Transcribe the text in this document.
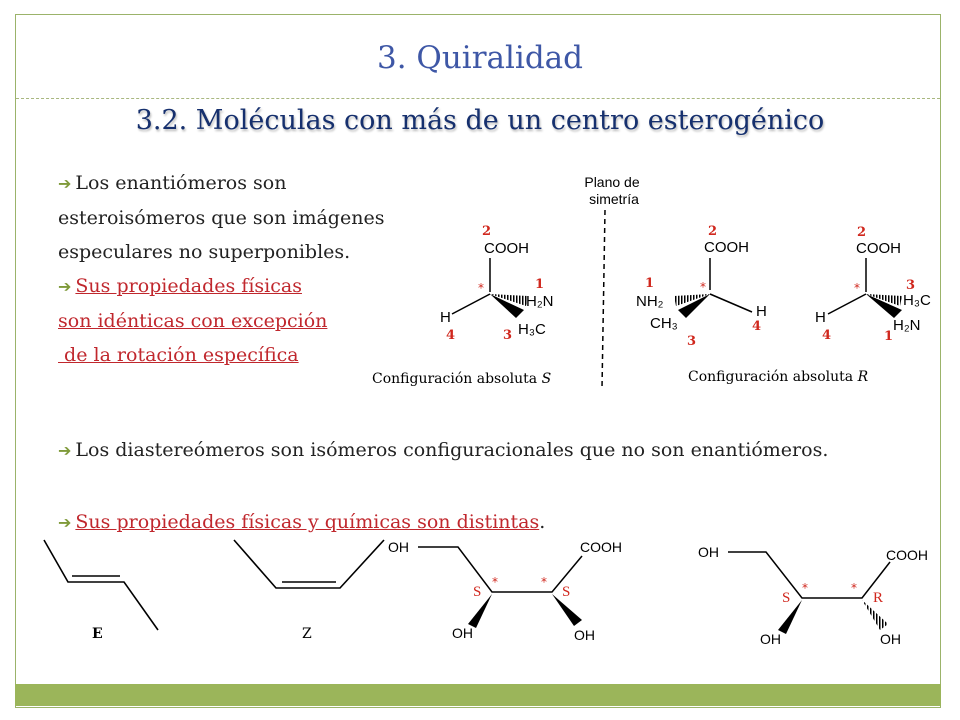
3. Quiralidad
3.2. Moléculas con más de un centro esterogénico
➔ Los enantiómeros son
esteroisómeros que son imágenes
especulares no superponibles.
➔ Sus propiedades físicas
son idénticas con excepción
de la rotación específica
➔ Los diastereómeros son isómeros configuracionales que no son enantiómeros.
➔ Sus propiedades físicas y químicas son distintas.
Plano de
simetría
2
COOH
*	1
H₂N
H
4	H₃C
3
2
COOH
*
1
NH₂
H
4
CH₃
3
2
COOH
*	3
H₃C
H
4
H₂N
1
Configuración absoluta S	Configuración absoluta R
E	Z
OH	COOH
*	*
S	S
OH	OH
OH	COOH
*	*
S	R
OH	OH
